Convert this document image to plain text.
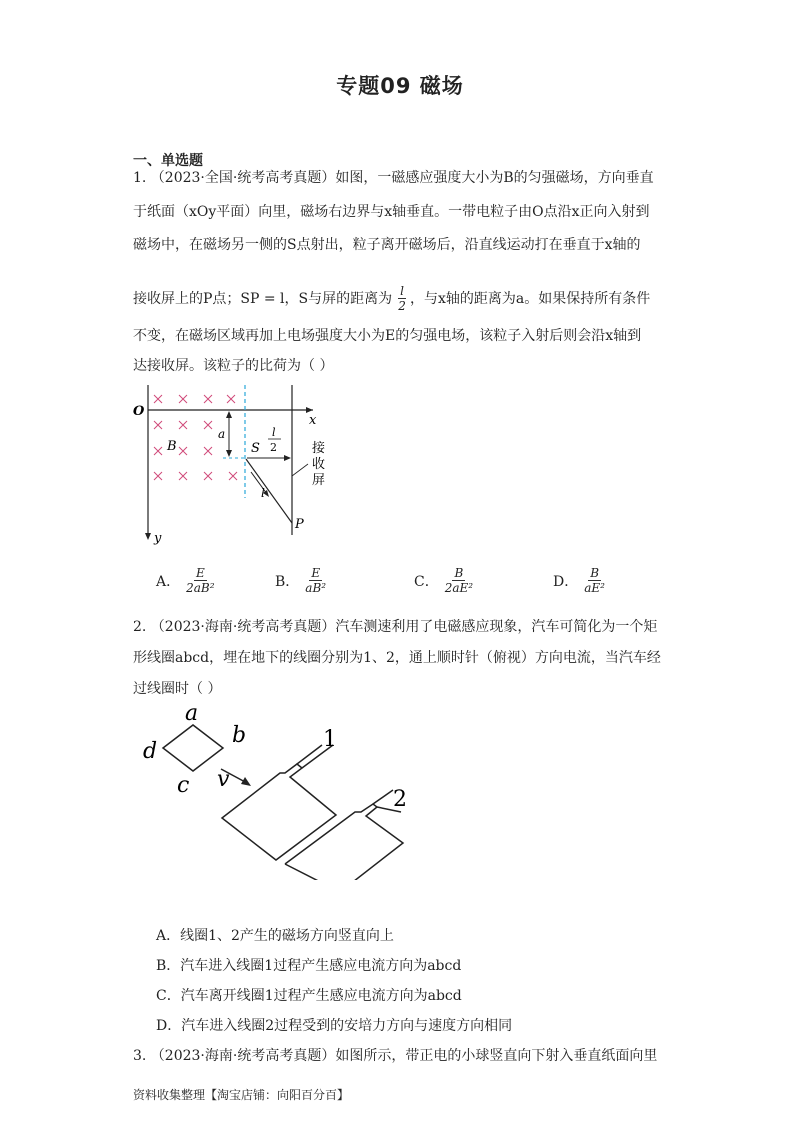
专题09 磁场
一、单选题
1. （2023·全国·统考高考真题）如图，一磁感应强度大小为B的匀强磁场，方向垂直
于纸面（xOy平面）向里，磁场右边界与x轴垂直。一带电粒子由O点沿x正向入射到
磁场中，在磁场另一侧的S点射出，粒子离开磁场后，沿直线运动打在垂直于x轴的
接收屏上的P点；SP = l，S与屏的距离为 $\frac{l}{2}$ ，与x轴的距离为a。如果保持所有条件
不变，在磁场区域再加上电场强度大小为E的匀强电场，该粒子入射后则会沿x轴到
达接收屏。该粒子的比荷为（ ）
O
x
y
B
a
S
l
2
l
P
接
收
屏
A． $\frac{E}{\text{2aB²}}$	B． $\frac{E}{\text{aB²}}$	C． $\frac{B}{\text{2aE²}}$	D． $\frac{B}{\text{aE²}}$
2. （2023·海南·统考高考真题）汽车测速利用了电磁感应现象，汽车可简化为一个矩
形线圈abcd，埋在地下的线圈分别为1、2，通上顺时针（俯视）方向电流，当汽车经
过线圈时（ ）
a
b
c
d
v
1
2
A．线圈1、2产生的磁场方向竖直向上
B．汽车进入线圈1过程产生感应电流方向为abcd
C．汽车离开线圈1过程产生感应电流方向为abcd
D．汽车进入线圈2过程受到的安培力方向与速度方向相同
3. （2023·海南·统考高考真题）如图所示，带正电的小球竖直向下射入垂直纸面向里
资料收集整理【淘宝店铺：向阳百分百】
